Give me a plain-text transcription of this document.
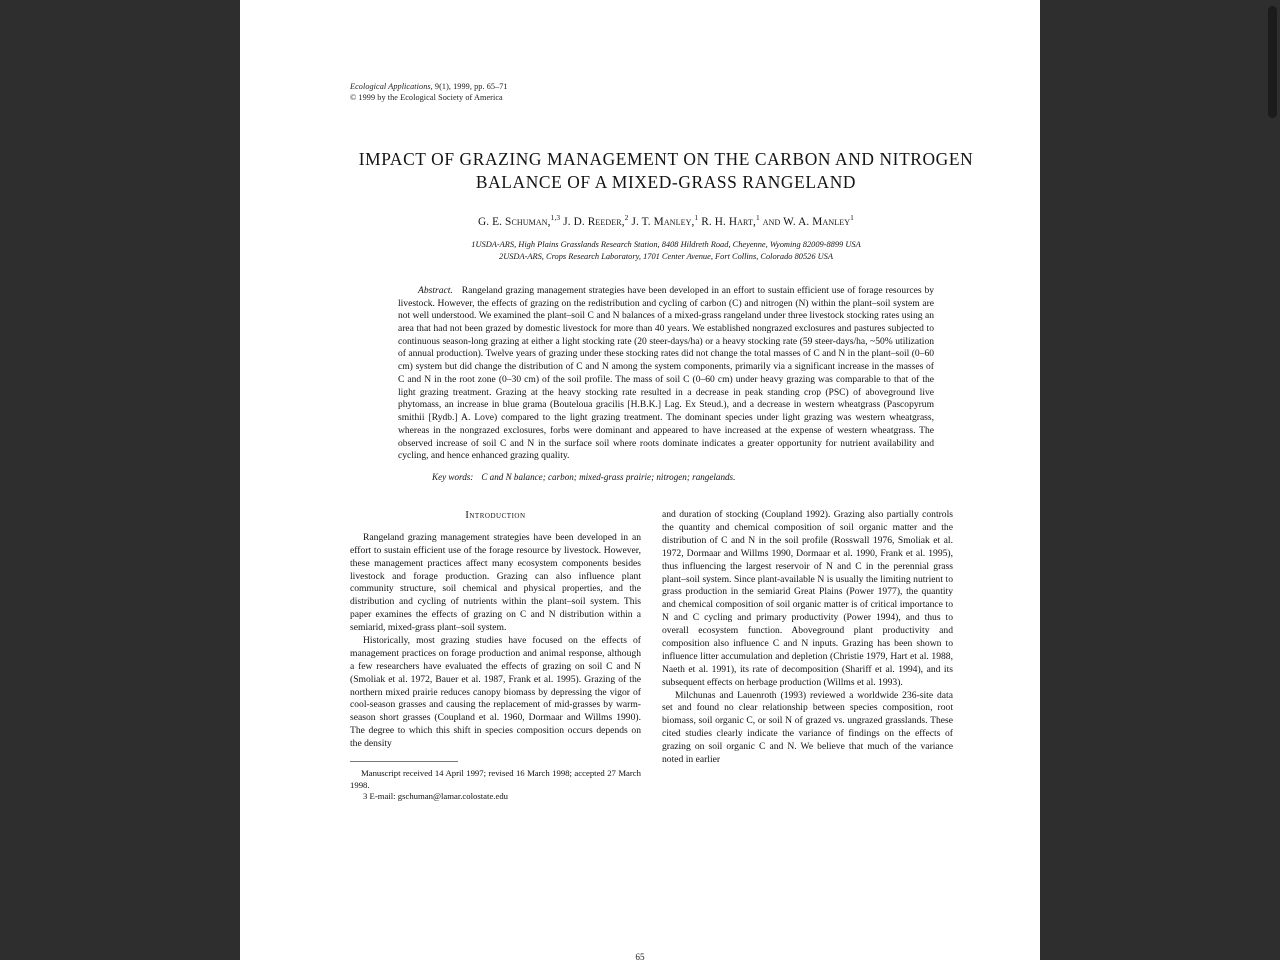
Ecological Applications, 9(1), 1999, pp. 65–71
© 1999 by the Ecological Society of America
IMPACT OF GRAZING MANAGEMENT ON THE CARBON AND NITROGEN
BALANCE OF A MIXED-GRASS RANGELAND
G. E. Schuman,$^{1,3}$ J. D. Reeder,$^2$ J. T. Manley,$^1$ R. H. Hart,$^1$ and W. A. Manley$^1$
1USDA-ARS, High Plains Grasslands Research Station, 8408 Hildreth Road, Cheyenne, Wyoming 82009-8899 USA
2USDA-ARS, Crops Research Laboratory, 1701 Center Avenue, Fort Collins, Colorado 80526 USA
Abstract. Rangeland grazing management strategies have been developed in an effort to sustain efficient use of forage resources by livestock. However, the effects of grazing on the redistribution and cycling of carbon (C) and nitrogen (N) within the plant–soil system are not well understood. We examined the plant–soil C and N balances of a mixed-grass rangeland under three livestock stocking rates using an area that had not been grazed by domestic livestock for more than 40 years. We established nongrazed exclosures and pastures subjected to continuous season-long grazing at either a light stocking rate (20 steer-days/ha) or a heavy stocking rate (59 steer-days/ha, ~50% utilization of annual production). Twelve years of grazing under these stocking rates did not change the total masses of C and N in the plant–soil (0–60 cm) system but did change the distribution of C and N among the system components, primarily via a significant increase in the masses of C and N in the root zone (0–30 cm) of the soil profile. The mass of soil C (0–60 cm) under heavy grazing was comparable to that of the light grazing treatment. Grazing at the heavy stocking rate resulted in a decrease in peak standing crop (PSC) of aboveground live phytomass, an increase in blue grama (Bouteloua gracilis [H.B.K.] Lag. Ex Steud.), and a decrease in western wheatgrass (Pascopyrum smithii [Rydb.] A. Love) compared to the light grazing treatment. The dominant species under light grazing was western wheatgrass, whereas in the nongrazed exclosures, forbs were dominant and appeared to have increased at the expense of western wheatgrass. The observed increase of soil C and N in the surface soil where roots dominate indicates a greater opportunity for nutrient availability and cycling, and hence enhanced grazing quality.
Key words: C and N balance; carbon; mixed-grass prairie; nitrogen; rangelands.
Introduction

Rangeland grazing management strategies have been developed in an effort to sustain efficient use of the forage resource by livestock. However, these management practices affect many ecosystem components besides livestock and forage production. Grazing can also influence plant community structure, soil chemical and physical properties, and the distribution and cycling of nutrients within the plant–soil system. This paper examines the effects of grazing on C and N distribution within a semiarid, mixed-grass plant–soil system.

Historically, most grazing studies have focused on the effects of management practices on forage production and animal response, although a few researchers have evaluated the effects of grazing on soil C and N (Smoliak et al. 1972, Bauer et al. 1987, Frank et al. 1995). Grazing of the northern mixed prairie reduces canopy biomass by depressing the vigor of cool-season grasses and causing the replacement of mid-grasses by warm-season short grasses (Coupland et al. 1960, Dormaar and Willms 1990). The degree to which this shift in species composition occurs depends on the density

Manuscript received 14 April 1997; revised 16 March 1998; accepted 27 March 1998.

3 E-mail: gschuman@lamar.colostate.edu

and duration of stocking (Coupland 1992). Grazing also partially controls the quantity and chemical composition of soil organic matter and the distribution of C and N in the soil profile (Rosswall 1976, Smoliak et al. 1972, Dormaar and Willms 1990, Dormaar et al. 1990, Frank et al. 1995), thus influencing the largest reservoir of N and C in the perennial grass plant–soil system. Since plant-available N is usually the limiting nutrient to grass production in the semiarid Great Plains (Power 1977), the quantity and chemical composition of soil organic matter is of critical importance to N and C cycling and primary productivity (Power 1994), and thus to overall ecosystem function. Aboveground plant productivity and composition also influence C and N inputs. Grazing has been shown to influence litter accumulation and depletion (Christie 1979, Hart et al. 1988, Naeth et al. 1991), its rate of decomposition (Shariff et al. 1994), and its subsequent effects on herbage production (Willms et al. 1993).

Milchunas and Lauenroth (1993) reviewed a worldwide 236-site data set and found no clear relationship between species composition, root biomass, soil organic C, or soil N of grazed vs. ungrazed grasslands. These cited studies clearly indicate the variance of findings on the effects of grazing on soil organic C and N. We believe that much of the variance noted in earlier

65
